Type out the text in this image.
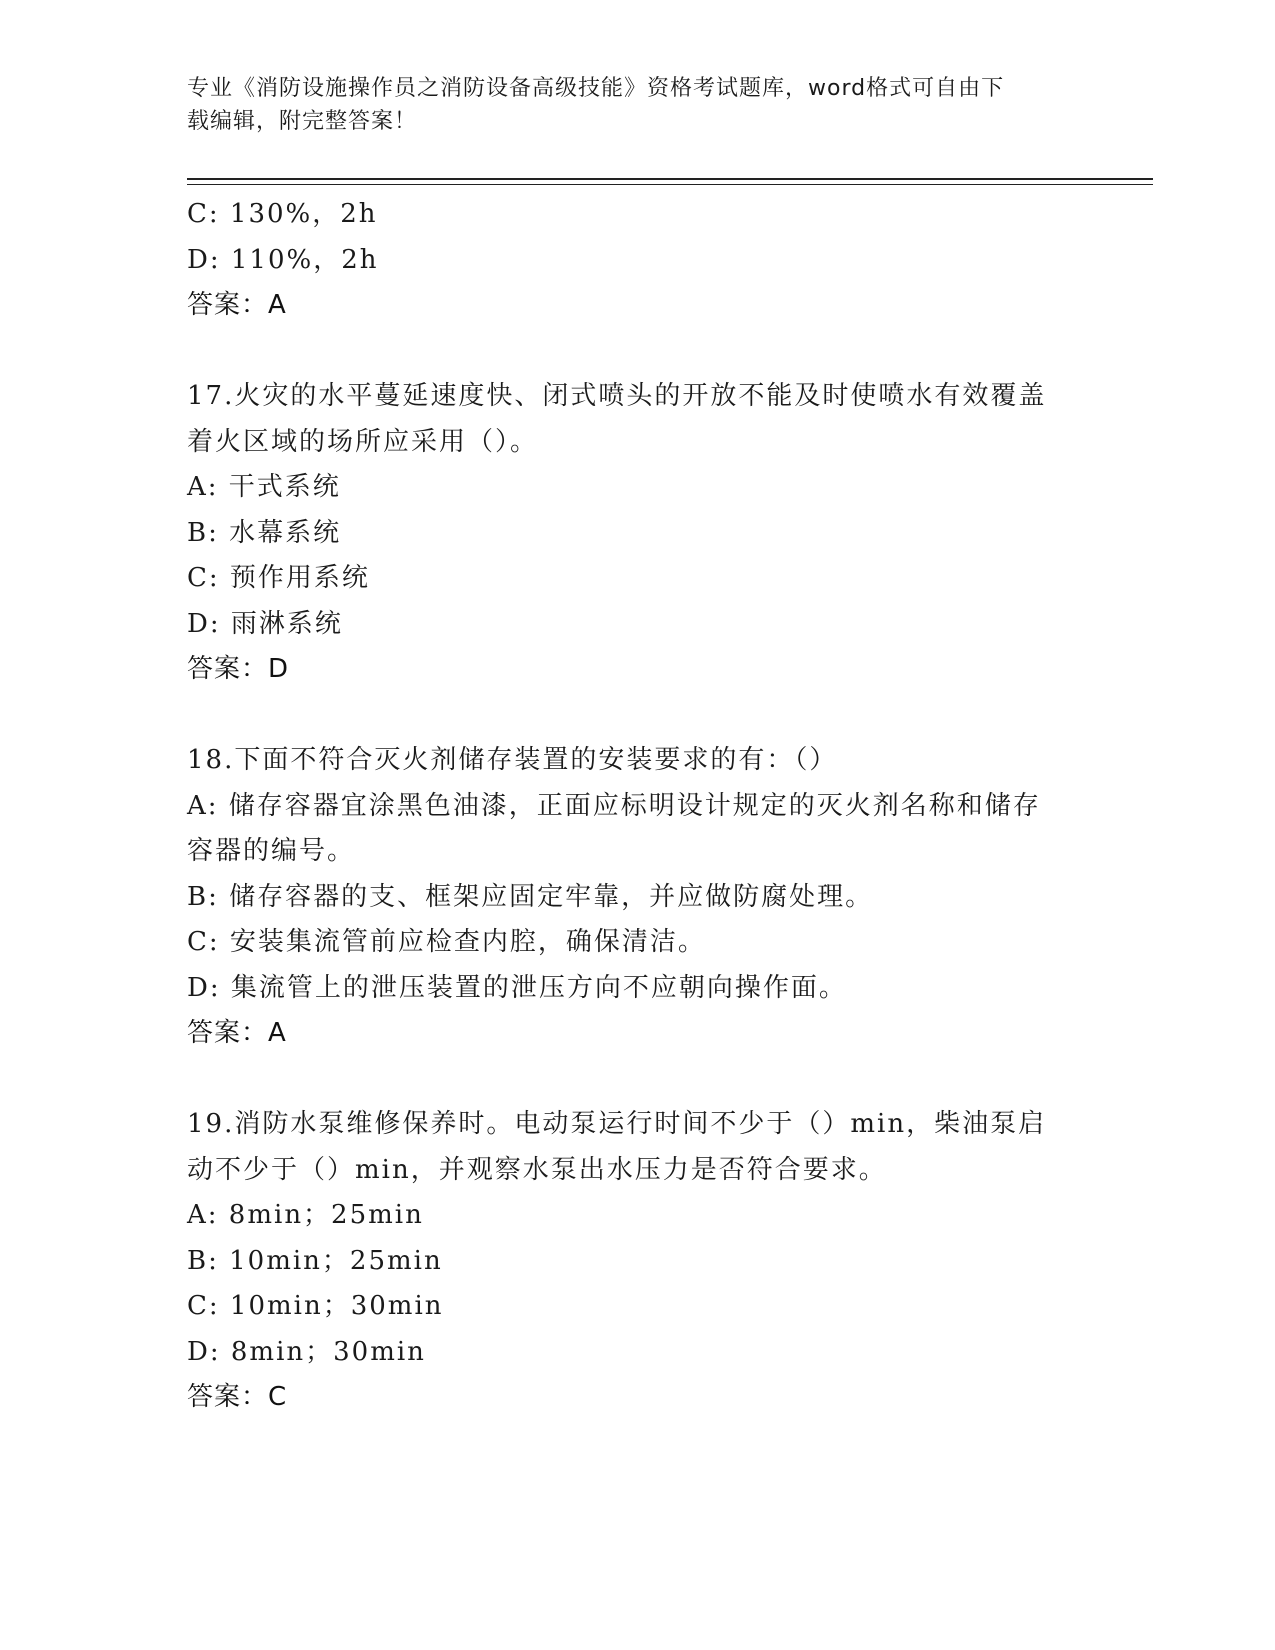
专业《消防设施操作员之消防设备高级技能》资格考试题库，word格式可自由下
载编辑，附完整答案！
C: 130%，2h
D: 110%，2h
答案：A
17.火灾的水平蔓延速度快、闭式喷头的开放不能及时使喷水有效覆盖
着火区域的场所应采用（）。
A: 干式系统
B: 水幕系统
C: 预作用系统
D: 雨淋系统
答案：D
18.下面不符合灭火剂储存装置的安装要求的有：（）
A: 储存容器宜涂黑色油漆，正面应标明设计规定的灭火剂名称和储存
容器的编号。
B: 储存容器的支、框架应固定牢靠，并应做防腐处理。
C: 安装集流管前应检查内腔，确保清洁。
D: 集流管上的泄压装置的泄压方向不应朝向操作面。
答案：A
19.消防水泵维修保养时。电动泵运行时间不少于（）min，柴油泵启
动不少于（）min，并观察水泵出水压力是否符合要求。
A: 8min；25min
B: 10min；25min
C: 10min；30min
D: 8min；30min
答案：C
